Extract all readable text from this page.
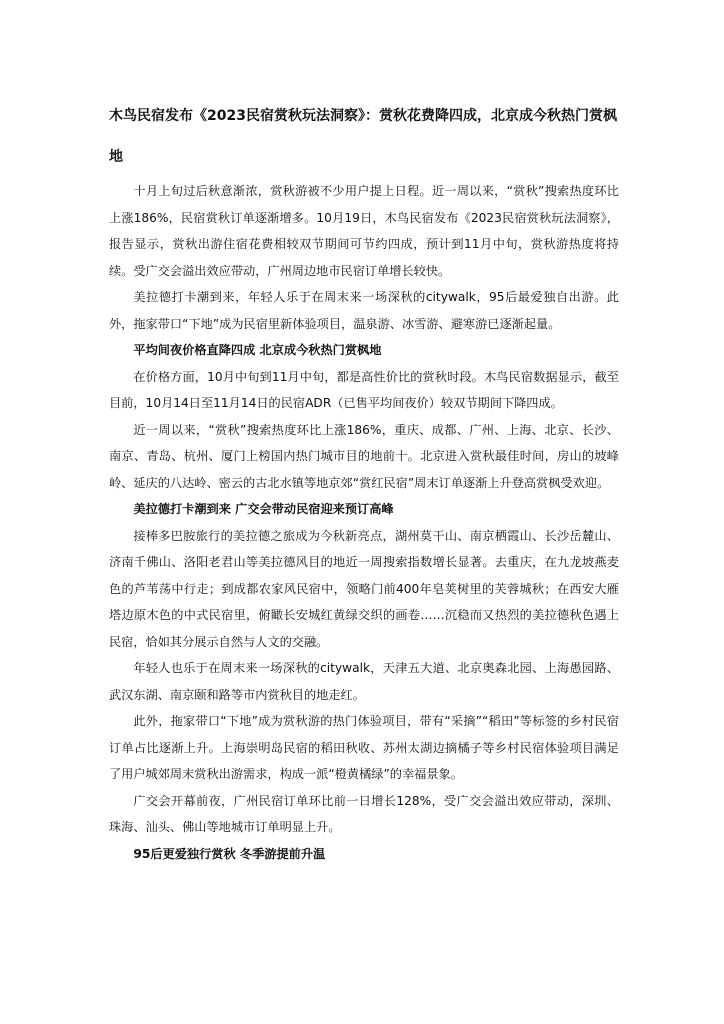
木鸟民宿发布《2023民宿赏秋玩法洞察》：赏秋花费降四成，北京成今秋热门赏枫地

十月上旬过后秋意渐浓，赏秋游被不少用户提上日程。近一周以来，“赏秋”搜索热度环比上涨186%，民宿赏秋订单逐渐增多。10月19日，木鸟民宿发布《2023民宿赏秋玩法洞察》，报告显示，赏秋出游住宿花费相较双节期间可节约四成，预计到11月中旬，赏秋游热度将持续。受广交会溢出效应带动，广州周边地市民宿订单增长较快。

美拉德打卡潮到来，年轻人乐于在周末来一场深秋的citywalk，95后最爱独自出游。此外，拖家带口“下地”成为民宿里新体验项目，温泉游、冰雪游、避寒游已逐渐起量。

平均间夜价格直降四成 北京成今秋热门赏枫地

在价格方面，10月中旬到11月中旬，都是高性价比的赏秋时段。木鸟民宿数据显示，截至目前，10月14日至11月14日的民宿ADR（已售平均间夜价）较双节期间下降四成。

近一周以来，“赏秋”搜索热度环比上涨186%，重庆、成都、广州、上海、北京、长沙、南京、青岛、杭州、厦门上榜国内热门城市目的地前十。北京进入赏秋最佳时间，房山的坡峰岭、延庆的八达岭、密云的古北水镇等地京郊“赏红民宿”周末订单逐渐上升登高赏枫受欢迎。

美拉德打卡潮到来 广交会带动民宿迎来预订高峰

接棒多巴胺旅行的美拉德之旅成为今秋新亮点，湖州莫干山、南京栖霞山、长沙岳麓山、济南千佛山、洛阳老君山等美拉德风目的地近一周搜索指数增长显著。去重庆，在九龙坡燕麦色的芦苇荡中行走；到成都农家风民宿中，领略门前400年皂荚树里的芙蓉城秋；在西安大雁塔边原木色的中式民宿里，俯瞰长安城红黄绿交织的画卷……沉稳而又热烈的美拉德秋色遇上民宿，恰如其分展示自然与人文的交融。

年轻人也乐于在周末来一场深秋的citywalk，天津五大道、北京奥森北园、上海愚园路、武汉东湖、南京颐和路等市内赏秋目的地走红。

此外，拖家带口“下地”成为赏秋游的热门体验项目，带有“采摘”“稻田”等标签的乡村民宿订单占比逐渐上升。上海崇明岛民宿的稻田秋收、苏州太湖边摘橘子等乡村民宿体验项目满足了用户城郊周末赏秋出游需求，构成一派“橙黄橘绿”的幸福景象。

广交会开幕前夜，广州民宿订单环比前一日增长128%，受广交会溢出效应带动，深圳、珠海、汕头、佛山等地城市订单明显上升。

95后更爱独行赏秋 冬季游提前升温
